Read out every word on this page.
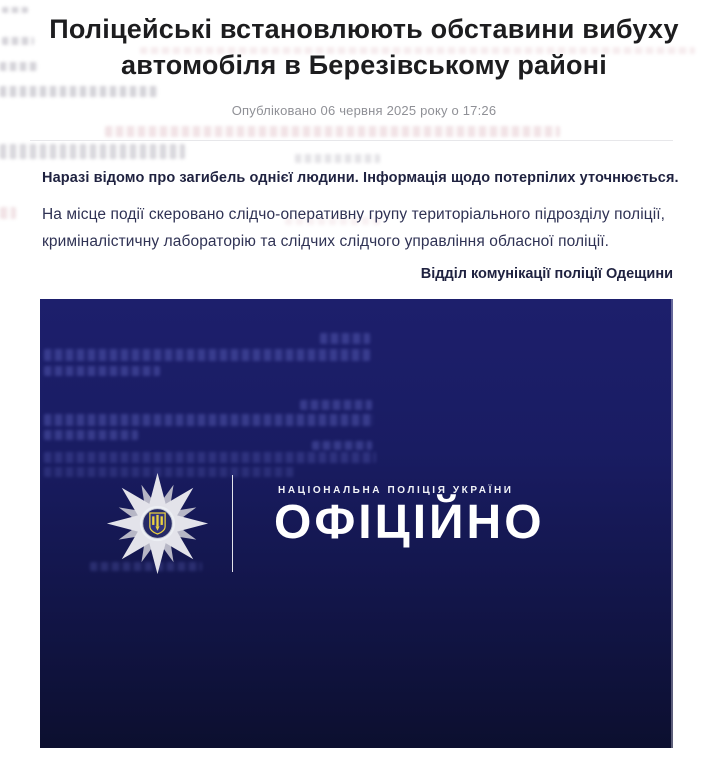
Поліцейські встановлюють обставини вибуху
автомобіля в Березівському районі
Опубліковано 06 червня 2025 року о 17:26

Наразі відомо про загибель однієї людини. Інформація щодо потерпілих уточнюється.

На місце події скеровано слідчо-оперативну групу територіального підрозділу поліції, криміналістичну лабораторію та слідчих слідчого управління обласної поліції.

Відділ комунікації поліції Одещини
НАЦІОНАЛЬНА ПОЛІЦІЯ УКРАЇНИ
ОФІЦІЙНО
